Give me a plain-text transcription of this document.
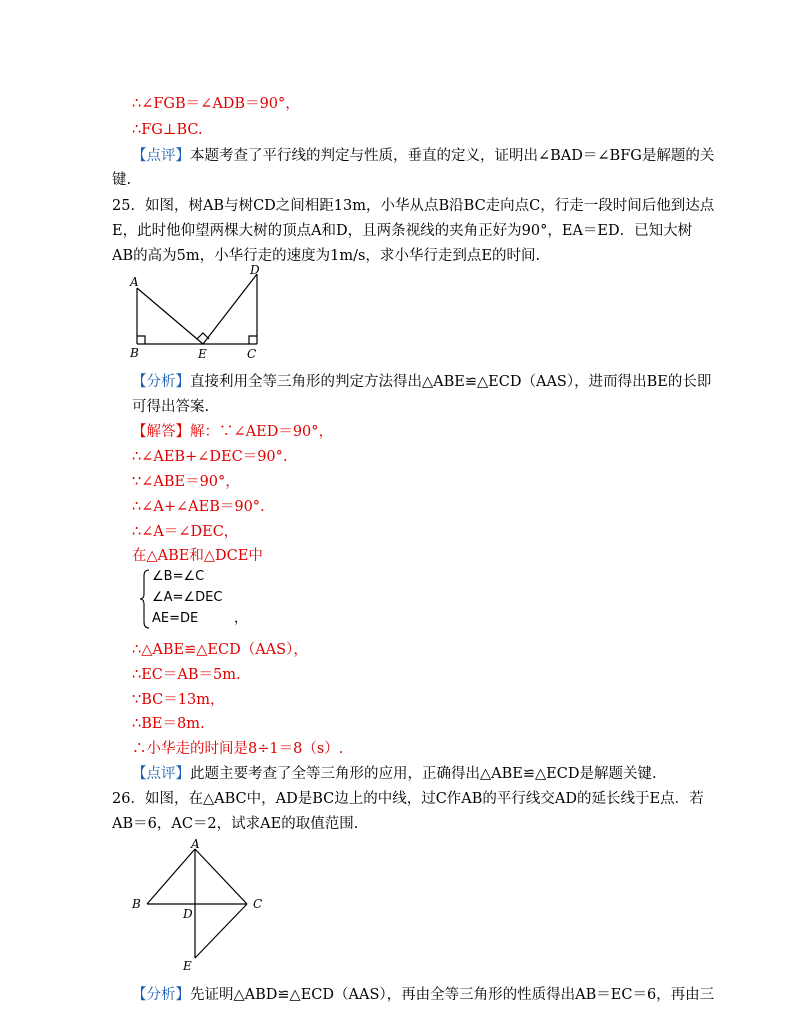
∴∠FGB＝∠ADB＝90°，
∴FG⊥BC.
【点评】本题考查了平行线的判定与性质，垂直的定义，证明出∠BAD＝∠BFG是解题的关
键.
25．如图，树AB与树CD之间相距13m，小华从点B沿BC走向点C，行走一段时间后他到达点
E，此时他仰望两棵大树的顶点A和D，且两条视线的夹角正好为90°，EA＝ED．已知大树
AB的高为5m，小华行走的速度为1m/s，求小华行走到点E的时间.
A
D
B	E	C
【分析】直接利用全等三角形的判定方法得出△ABE≌△ECD（AAS），进而得出BE的长即
可得出答案.
【解答】解：∵∠AED＝90°，
∴∠AEB+∠DEC＝90°.
∵∠ABE＝90°，
∴∠A+∠AEB＝90°.
∴∠A＝∠DEC，
在△ABE和△DCE中
∠B=∠C
∠A=∠DEC
AE=DE	，
∴△ABE≌△ECD（AAS），
∴EC＝AB＝5m.
∵BC＝13m，
∴BE＝8m.
∴小华走的时间是8÷1＝8（s）.
【点评】此题主要考查了全等三角形的应用，正确得出△ABE≌△ECD是解题关键.
26．如图，在△ABC中，AD是BC边上的中线，过C作AB的平行线交AD的延长线于E点．若
AB＝6，AC＝2，试求AE的取值范围.
A
B	C
D
E
【分析】先证明△ABD≌△ECD（AAS），再由全等三角形的性质得出AB＝EC＝6，再由三
